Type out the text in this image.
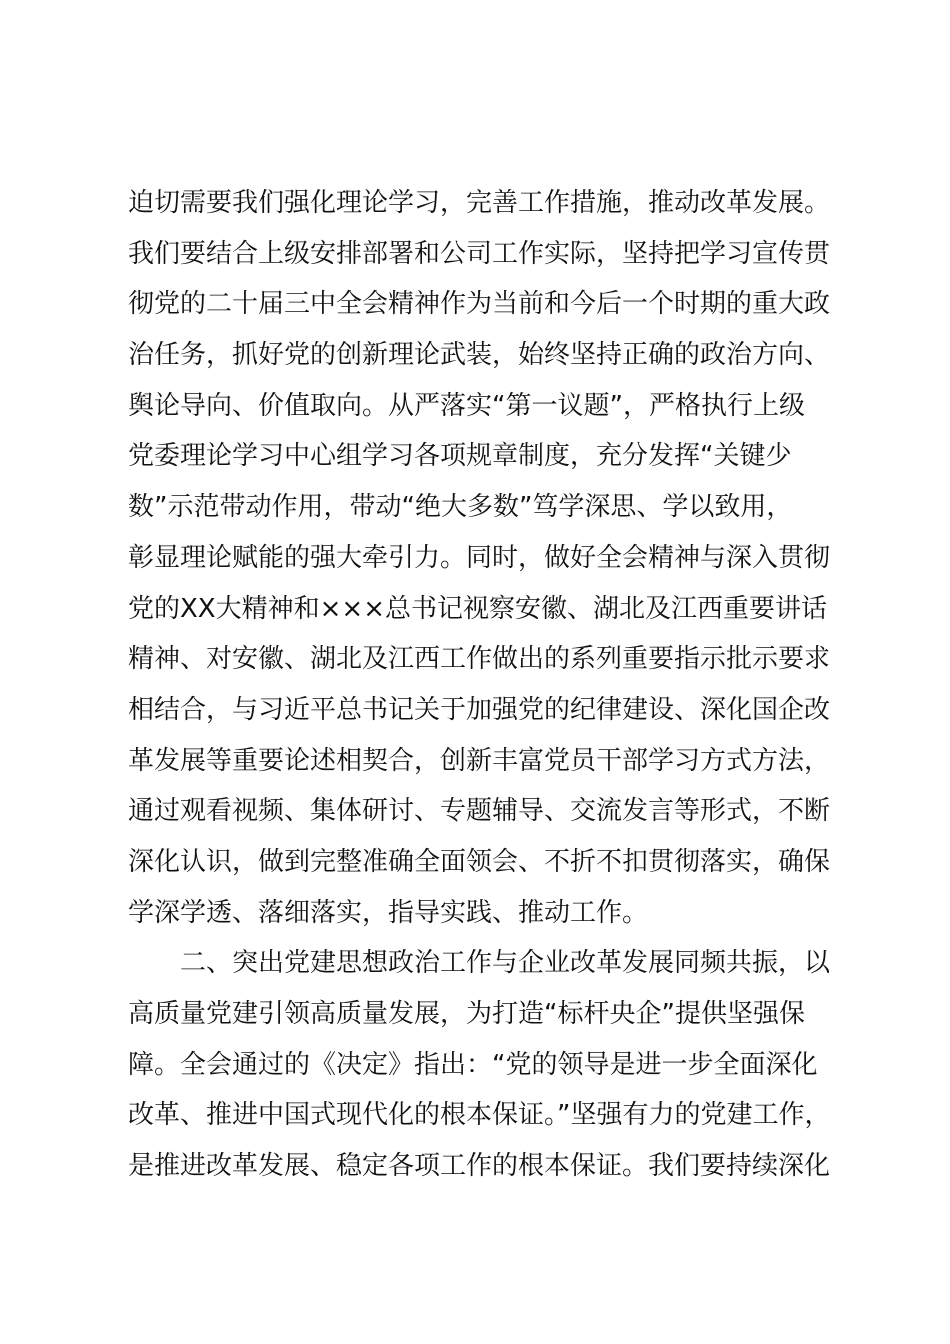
迫切需要我们强化理论学习，完善工作措施，推动改革发展。
我们要结合上级安排部署和公司工作实际，坚持把学习宣传贯
彻党的二十届三中全会精神作为当前和今后一个时期的重大政
治任务，抓好党的创新理论武装，始终坚持正确的政治方向、
舆论导向、价值取向。从严落实“第一议题”，严格执行上级
党委理论学习中心组学习各项规章制度，充分发挥“关键少
数”示范带动作用，带动“绝大多数”笃学深思、学以致用，
彰显理论赋能的强大牵引力。同时，做好全会精神与深入贯彻
党的XX大精神和×××总书记视察安徽、湖北及江西重要讲话
精神、对安徽、湖北及江西工作做出的系列重要指示批示要求
相结合，与习近平总书记关于加强党的纪律建设、深化国企改
革发展等重要论述相契合，创新丰富党员干部学习方式方法，
通过观看视频、集体研讨、专题辅导、交流发言等形式，不断
深化认识，做到完整准确全面领会、不折不扣贯彻落实，确保
学深学透、落细落实，指导实践、推动工作。
二、突出党建思想政治工作与企业改革发展同频共振，以
高质量党建引领高质量发展，为打造“标杆央企”提供坚强保
障。全会通过的《决定》指出：“党的领导是进一步全面深化
改革、推进中国式现代化的根本保证。”坚强有力的党建工作，
是推进改革发展、稳定各项工作的根本保证。我们要持续深化
